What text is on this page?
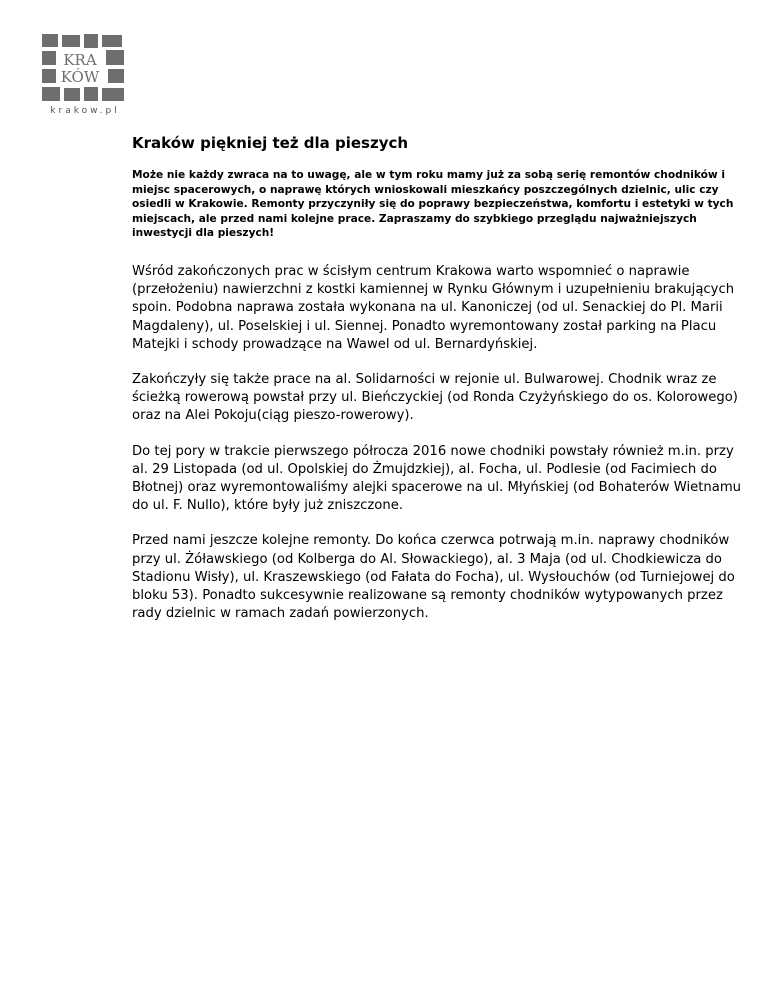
KRA
KÓW
krakow.pl
Kraków piękniej też dla pieszych

Może nie każdy zwraca na to uwagę, ale w tym roku mamy już za sobą serię remontów chodników i miejsc spacerowych, o naprawę których wnioskowali mieszkańcy poszczególnych dzielnic, ulic czy osiedli w Krakowie. Remonty przyczyniły się do poprawy bezpieczeństwa, komfortu i estetyki w tych miejscach, ale przed nami kolejne prace. Zapraszamy do szybkiego przeglądu najważniejszych inwestycji dla pieszych!

Wśród zakończonych prac w ścisłym centrum Krakowa warto wspomnieć o naprawie (przełożeniu) nawierzchni z kostki kamiennej w Rynku Głównym i uzupełnieniu brakujących spoin. Podobna naprawa została wykonana na ul. Kanoniczej (od ul. Senackiej do Pl. Marii Magdaleny), ul. Poselskiej i ul. Siennej. Ponadto wyremontowany został parking na Placu Matejki i schody prowadzące na Wawel od ul. Bernardyńskiej.

Zakończyły się także prace na al. Solidarności w rejonie ul. Bulwarowej. Chodnik wraz ze ścieżką rowerową powstał przy ul. Bieńczyckiej (od Ronda Czyżyńskiego do os. Kolorowego) oraz na Alei Pokoju(ciąg pieszo-rowerowy).

Do tej pory w trakcie pierwszego półrocza 2016 nowe chodniki powstały również m.in. przy al. 29 Listopada (od ul. Opolskiej do Żmujdzkiej), al. Focha, ul. Podlesie (od Facimiech do Błotnej) oraz wyremontowaliśmy alejki spacerowe na ul. Młyńskiej (od Bohaterów Wietnamu do ul. F. Nullo), które były już zniszczone.

Przed nami jeszcze kolejne remonty. Do końca czerwca potrwają m.in. naprawy chodników przy ul. Żóławskiego (od Kolberga do Al. Słowackiego), al. 3 Maja (od ul. Chodkiewicza do Stadionu Wisły), ul. Kraszewskiego (od Fałata do Focha), ul. Wysłouchów (od Turniejowej do bloku 53). Ponadto sukcesywnie realizowane są remonty chodników wytypowanych przez rady dzielnic w ramach zadań powierzonych.
